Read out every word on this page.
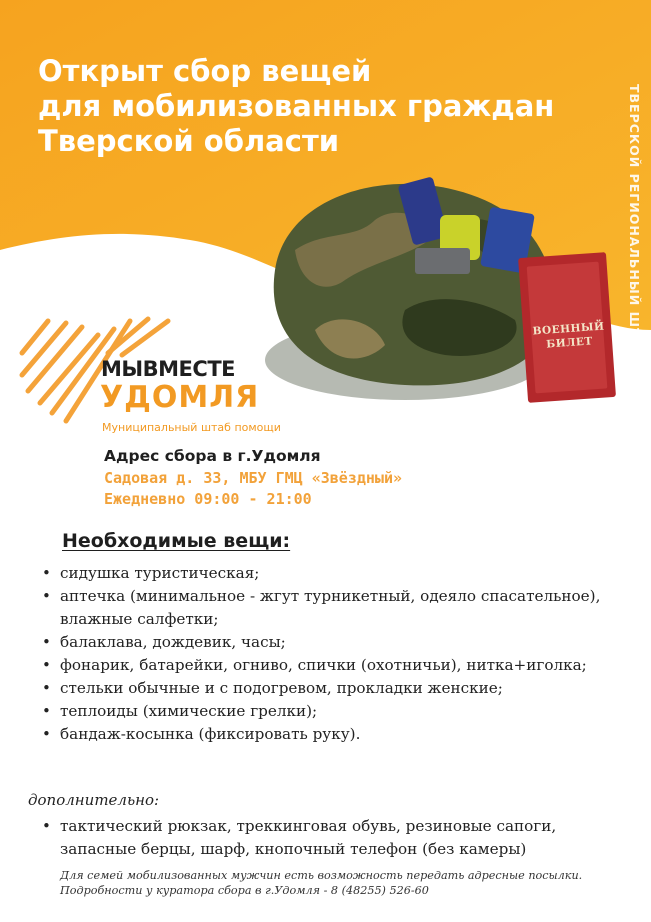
Открыт сбор вещей
для мобилизованных граждан
Тверской области	ТВЕРСКОЙ РЕГИОНАЛЬНЫЙ ШТАБ
ВОЕННЫЙ
БИЛЕТ
МЫВМЕСТЕ
УДОМЛЯ
Муниципальный штаб помощи
Адрес сбора в г.Удомля
Садовая д. 33, МБУ ГМЦ «Звёздный»
Ежедневно 09:00 - 21:00
Необходимые вещи:
• сидушка туристическая;
• аптечка (минимальное - жгут турникетный, одеяло спасательное), влажные салфетки;
• балаклава, дождевик, часы;
• фонарик, батарейки, огниво, спички (охотничьи), нитка+иголка;
• стельки обычные и с подогревом, прокладки женские;
• теплоиды (химические грелки);
• бандаж-косынка (фиксировать руку).
дополнительно:
• тактический рюкзак, треккинговая обувь, резиновые сапоги, запасные берцы, шарф, кнопочный телефон (без камеры)
Для семей мобилизованных мужчин есть возможность передать адресные посылки.
Подробности у куратора сбора в г.Удомля - 8 (48255) 526-60
